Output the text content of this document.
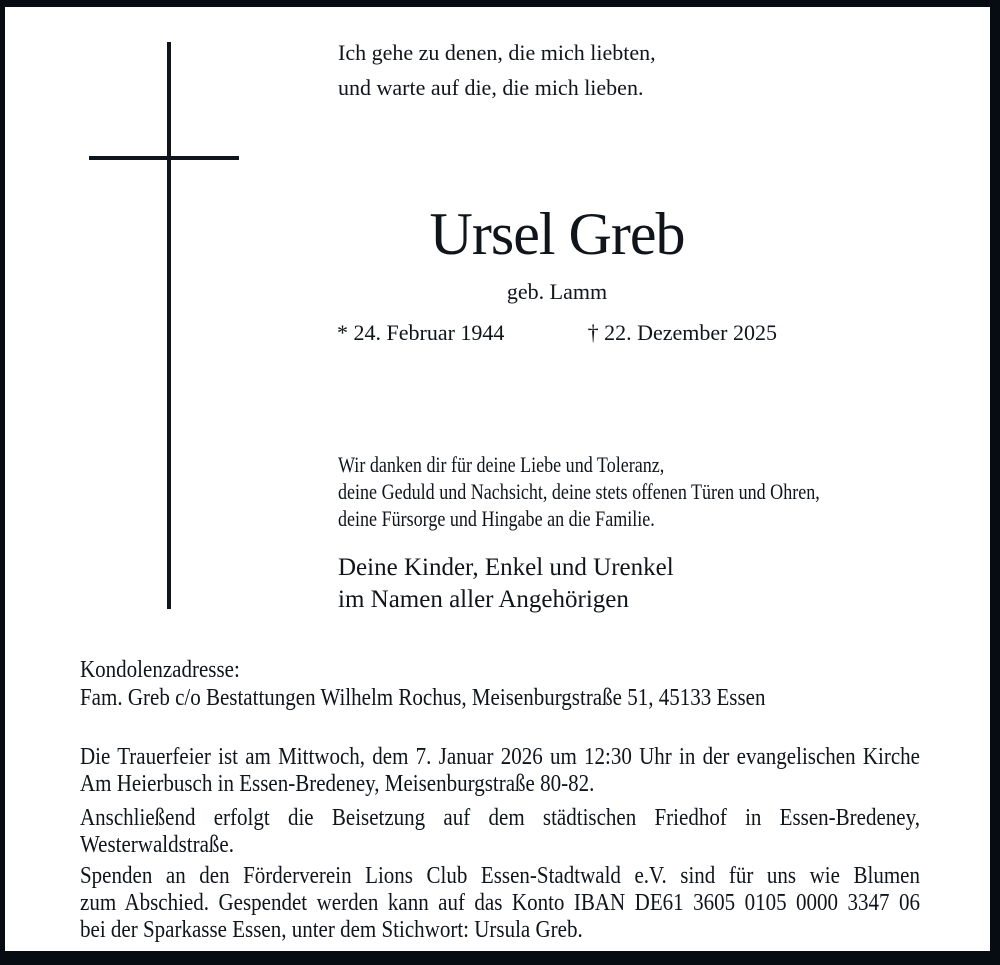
Ich gehe zu denen, die mich liebten,
und warte auf die, die mich lieben.
Ursel Greb
geb. Lamm
* 24. Februar 1944	† 22. Dezember 2025
Wir danken dir für deine Liebe und Toleranz,
deine Geduld und Nachsicht, deine stets offenen Türen und Ohren,
deine Fürsorge und Hingabe an die Familie.
Deine Kinder, Enkel und Urenkel
im Namen aller Angehörigen
Kondolenzadresse:
Fam. Greb c/o Bestattungen Wilhelm Rochus, Meisenburgstraße 51, 45133 Essen

Die Trauerfeier ist am Mittwoch, dem 7. Januar 2026 um 12:30 Uhr in der evangelischen Kirche
Am Heierbusch in Essen-Bredeney, Meisenburgstraße 80-82.

Anschließend erfolgt die Beisetzung auf dem städtischen Friedhof in Essen-Bredeney,
Westerwaldstraße.

Spenden an den Förderverein Lions Club Essen-Stadtwald e.V. sind für uns wie Blumen
zum Abschied. Gespendet werden kann auf das Konto IBAN DE61 3605 0105 0000 3347 06
bei der Sparkasse Essen, unter dem Stichwort: Ursula Greb.
